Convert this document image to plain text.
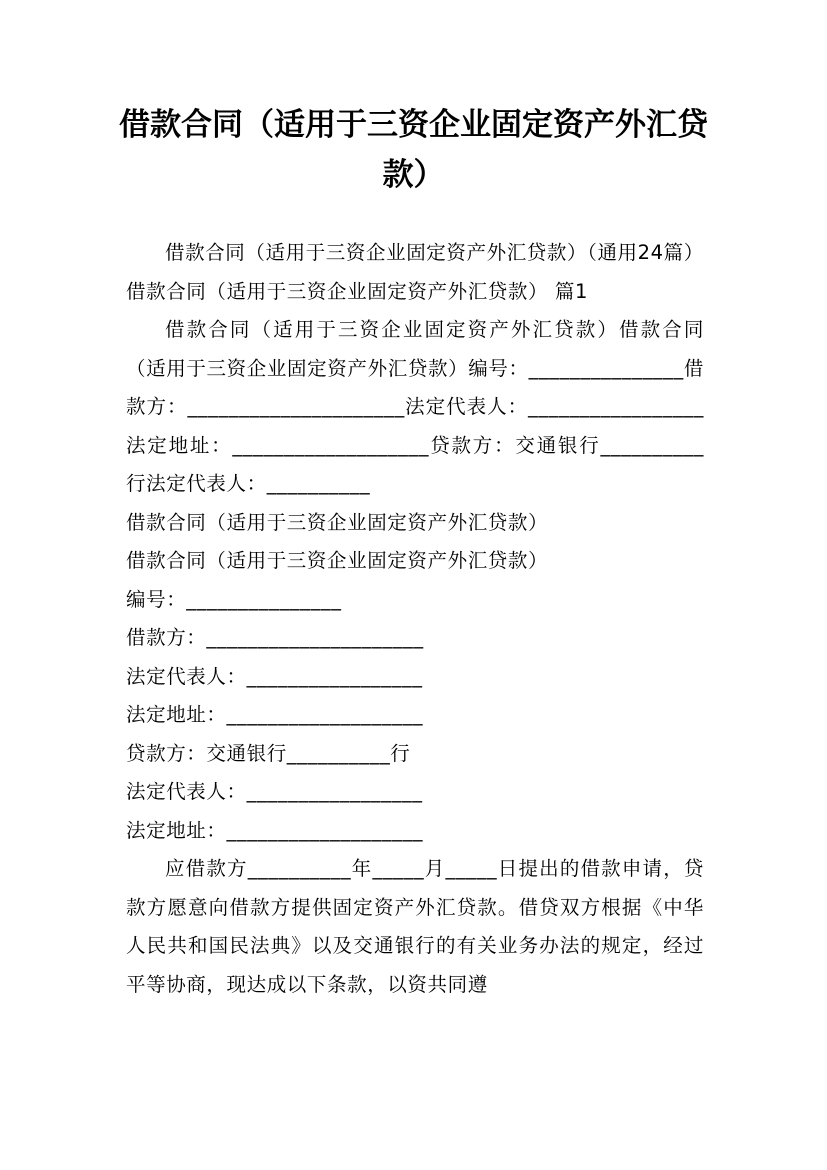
借款合同（适用于三资企业固定资产外汇贷款）

借款合同（适用于三资企业固定资产外汇贷款）（通用24篇）

借款合同（适用于三资企业固定资产外汇贷款） 篇1

借款合同（适用于三资企业固定资产外汇贷款）借款合同（适用于三资企业固定资产外汇贷款）编号：_______________借款方：_____________________法定代表人：_________________法定地址：___________________贷款方：交通银行__________行法定代表人：__________

借款合同（适用于三资企业固定资产外汇贷款）

借款合同（适用于三资企业固定资产外汇贷款）

编号：_______________

借款方：_____________________

法定代表人：_________________

法定地址：___________________

贷款方：交通银行__________行

法定代表人：_________________

法定地址：___________________

应借款方__________年_____月_____日提出的借款申请，贷款方愿意向借款方提供固定资产外汇贷款。借贷双方根据《中华人民共和国民法典》以及交通银行的有关业务办法的规定，经过平等协商，现达成以下条款，以资共同遵
